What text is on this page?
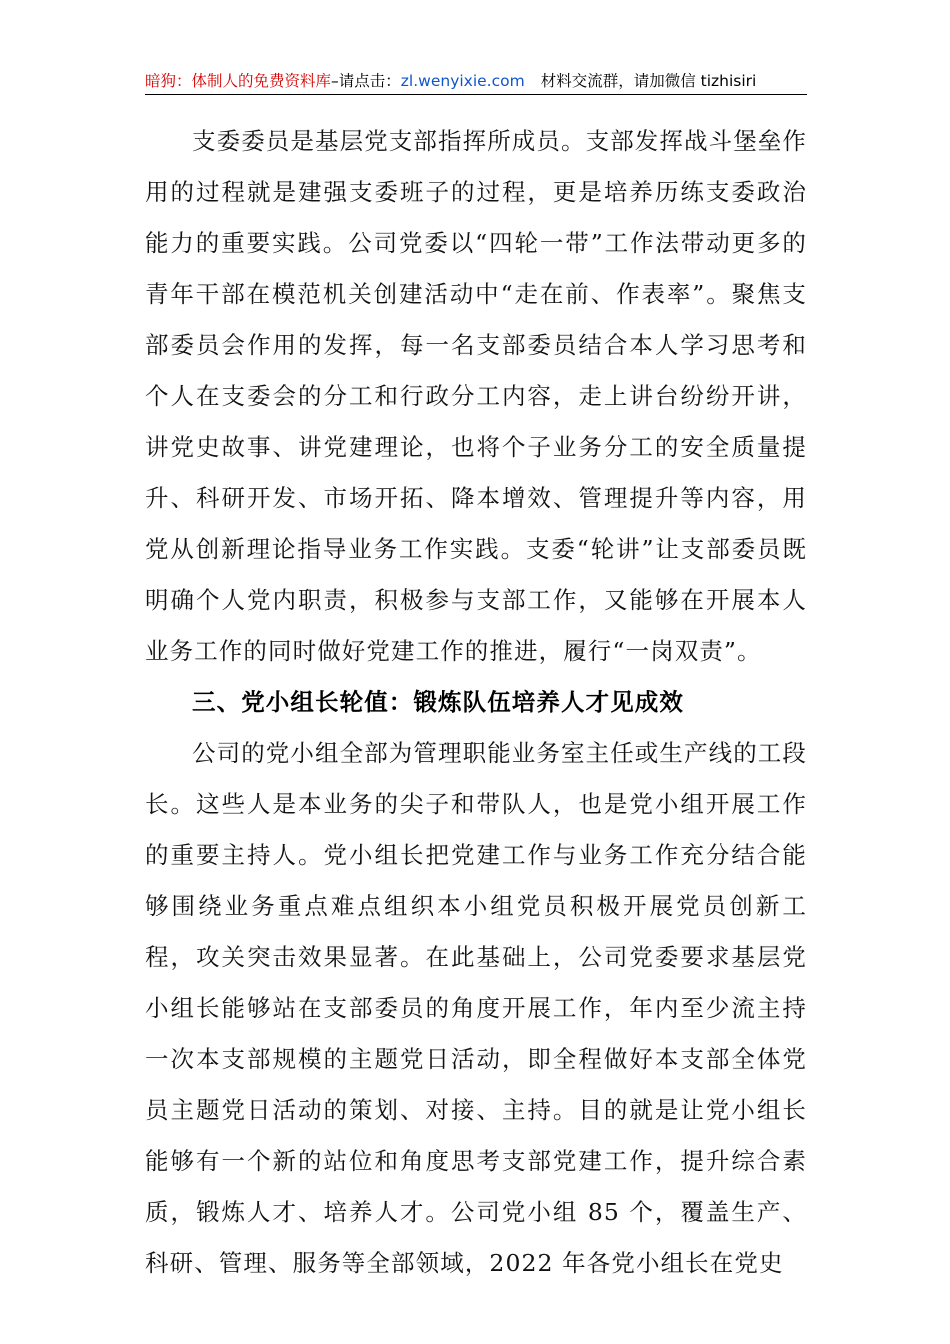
暗狗：体制人的免费资料库–请点击：zl.wenyixie.com 材料交流群，请加微信 tizhisiri

支委委员是基层党支部指挥所成员。支部发挥战斗堡垒作用的过程就是建强支委班子的过程，更是培养历练支委政治能力的重要实践。公司党委以“四轮一带”工作法带动更多的青年干部在模范机关创建活动中“走在前、作表率”。聚焦支部委员会作用的发挥，每一名支部委员结合本人学习思考和个人在支委会的分工和行政分工内容，走上讲台纷纷开讲，讲党史故事、讲党建理论，也将个子业务分工的安全质量提升、科研开发、市场开拓、降本增效、管理提升等内容，用党从创新理论指导业务工作实践。支委“轮讲”让支部委员既明确个人党内职责，积极参与支部工作，又能够在开展本人业务工作的同时做好党建工作的推进，履行“一岗双责”。

三、党小组长轮值：锻炼队伍培养人才见成效

公司的党小组全部为管理职能业务室主任或生产线的工段长。这些人是本业务的尖子和带队人，也是党小组开展工作的重要主持人。党小组长把党建工作与业务工作充分结合能够围绕业务重点难点组织本小组党员积极开展党员创新工程，攻关突击效果显著。在此基础上，公司党委要求基层党小组长能够站在支部委员的角度开展工作，年内至少流主持一次本支部规模的主题党日活动，即全程做好本支部全体党员主题党日活动的策划、对接、主持。目的就是让党小组长能够有一个新的站位和角度思考支部党建工作，提升综合素质，锻炼人才、培养人才。公司党小组 85 个，覆盖生产、科研、管理、服务等全部领域，2022 年各党小组长在党史
